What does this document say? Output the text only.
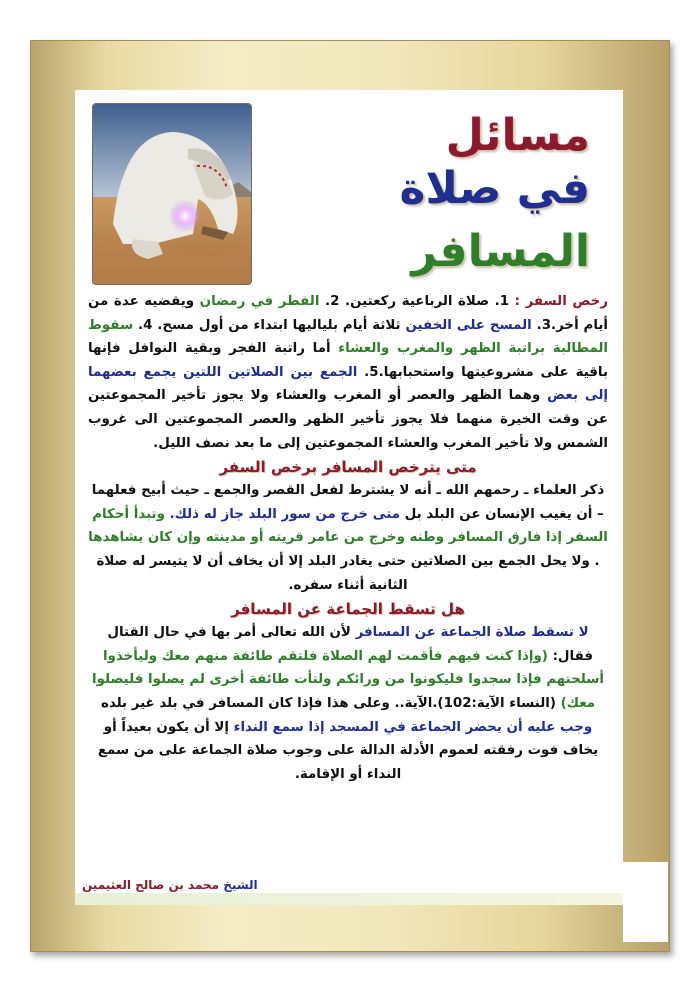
مسائل
في صلاة
المسافر

رخص السفر : 1. صلاة الرباعية ركعتين. 2. الفطر في رمضان ويقضيه عدة من أيام أخر.3. المسح على الخفين ثلاثة أيام بلياليها ابتداء من أول مسح. 4. سقوط المطالبة براتبة الظهر والمغرب والعشاء أما راتبة الفجر وبقية النوافل فإنها باقية على مشروعيتها واستحبابها.5. الجمع بين الصلاتين اللتين يجمع بعضهما إلى بعض وهما الظهر والعصر أو المغرب والعشاء ولا يجوز تأخير المجموعتين عن وقت الخيرة منهما فلا يجوز تأخير الظهر والعصر المجموعتين الى غروب الشمس ولا تأخير المغرب والعشاء المجموعتين إلى ما بعد نصف الليل.

متى يترخص المسافر برخص السفر

ذكر العلماء ـ رحمهم الله ـ أنه لا يشترط لفعل القصر والجمع ـ حيث أبيح فعلهما – أن يغيب الإنسان عن البلد بل متى خرج من سور البلد جاز له ذلك. وتبدأ أحكام السفر إذا فارق المسافر وطنه وخرج من عامر قريته أو مدينته وإن كان يشاهدها . ولا يحل الجمع بين الصلاتين حتى يغادر البلد إلا أن يخاف أن لا يتيسر له صلاة الثانية أثناء سفره.

هل تسقط الجماعة عن المسافر

لا تسقط صلاة الجماعة عن المسافر لأن الله تعالى أمر بها في حال القتال فقال: (وإذا كنت فيهم فأقمت لهم الصلاة فلتقم طائفة منهم معك وليأخذوا أسلحتهم فإذا سجدوا فليكونوا من ورائكم ولتأت طائفة أخرى لم يصلوا فليصلوا معك) (النساء الآية:102).الآية.. وعلى هذا فإذا كان المسافر في بلد غير بلده وجب عليه أن يحضر الجماعة في المسجد إذا سمع النداء إلا أن يكون بعيداً أو يخاف فوت رفقته لعموم الأدلة الدالة على وجوب صلاة الجماعة على من سمع النداء أو الإقامة.

الشيخ محمد بن صالح العثيمين
